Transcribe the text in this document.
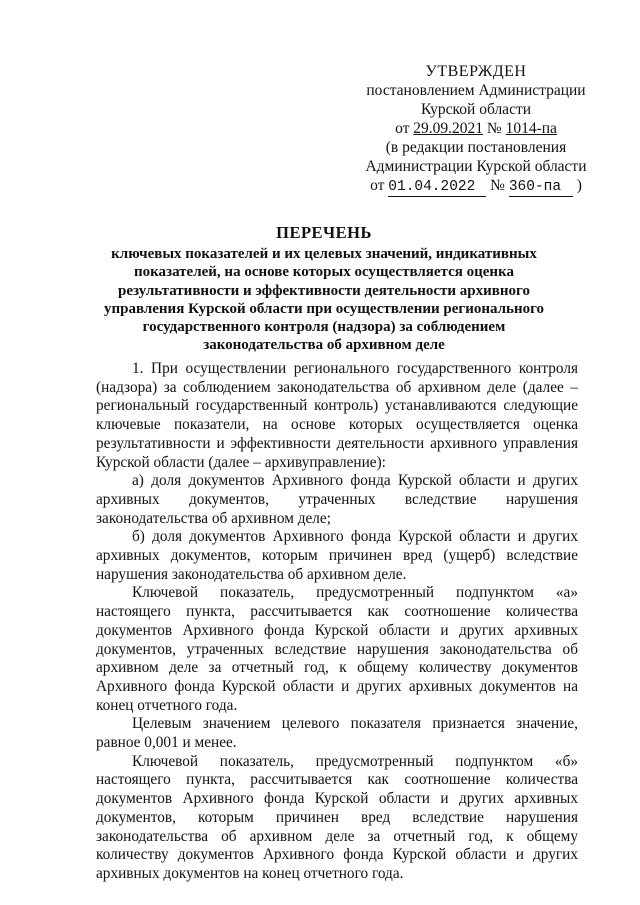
УТВЕРЖДЕН
постановлением Администрации
Курской области
от 29.09.2021 № 1014-па
(в редакции постановления
Администрации Курской области
от 01.04.2022 № 360-па )
ПЕРЕЧЕНЬ
ключевых показателей и их целевых значений, индикативных показателей, на основе которых осуществляется оценка результативности и эффективности деятельности архивного управления Курской области при осуществлении регионального государственного контроля (надзора) за соблюдением законодательства об архивном деле

1. При осуществлении регионального государственного контроля (надзора) за соблюдением законодательства об архивном деле (далее – региональный государственный контроль) устанавливаются следующие ключевые показатели, на основе которых осуществляется оценка результативности и эффективности деятельности архивного управления Курской области (далее – архивуправление):

а) доля документов Архивного фонда Курской области и других архивных документов, утраченных вследствие нарушения законодательства об архивном деле;

б) доля документов Архивного фонда Курской области и других архивных документов, которым причинен вред (ущерб) вследствие нарушения законодательства об архивном деле.

Ключевой показатель, предусмотренный подпунктом «а» настоящего пункта, рассчитывается как соотношение количества документов Архивного фонда Курской области и других архивных документов, утраченных вследствие нарушения законодательства об архивном деле за отчетный год, к общему количеству документов Архивного фонда Курской области и других архивных документов на конец отчетного года.

Целевым значением целевого показателя признается значение, равное 0,001 и менее.

Ключевой показатель, предусмотренный подпунктом «б» настоящего пункта, рассчитывается как соотношение количества документов Архивного фонда Курской области и других архивных документов, которым причинен вред вследствие нарушения законодательства об архивном деле за отчетный год, к общему количеству документов Архивного фонда Курской области и других архивных документов на конец отчетного года.
